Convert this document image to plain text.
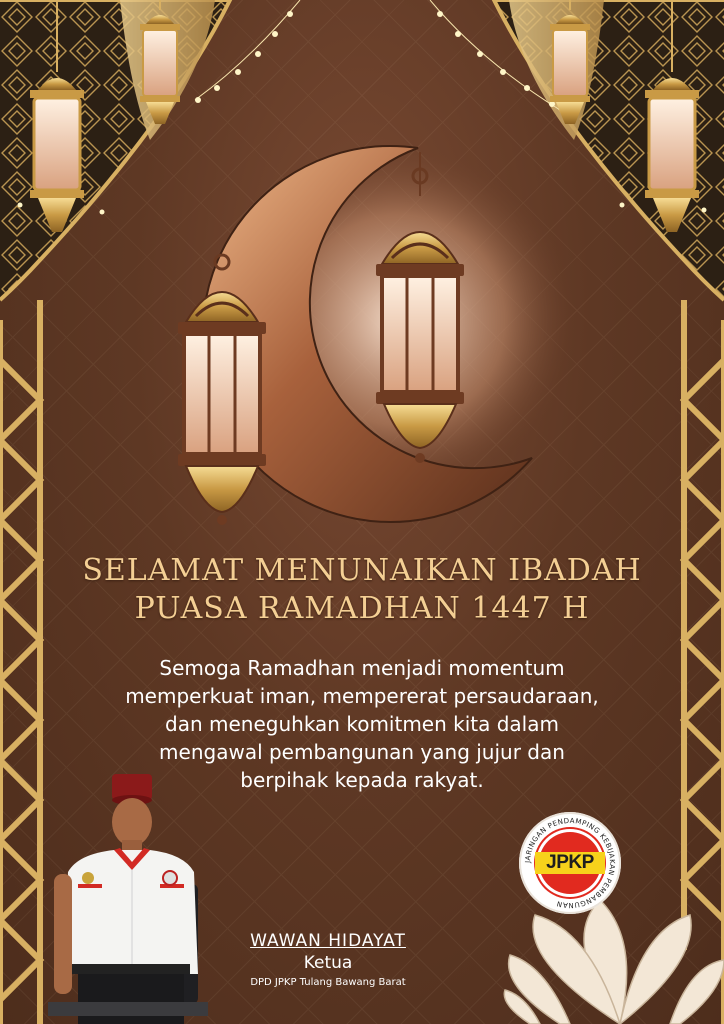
SELAMAT MENUNAIKAN IBADAH
PUASA RAMADHAN 1447 H
Semoga Ramadhan menjadi momentum
memperkuat iman, mempererat persaudaraan,
dan meneguhkan komitmen kita dalam
mengawal pembangunan yang jujur dan
berpihak kepada rakyat.
WAWAN HIDAYAT
Ketua
DPD JPKP Tulang Bawang Barat
JARINGAN PENDAMPING KEBIJAKAN PEMBANGUNAN
JPKP
